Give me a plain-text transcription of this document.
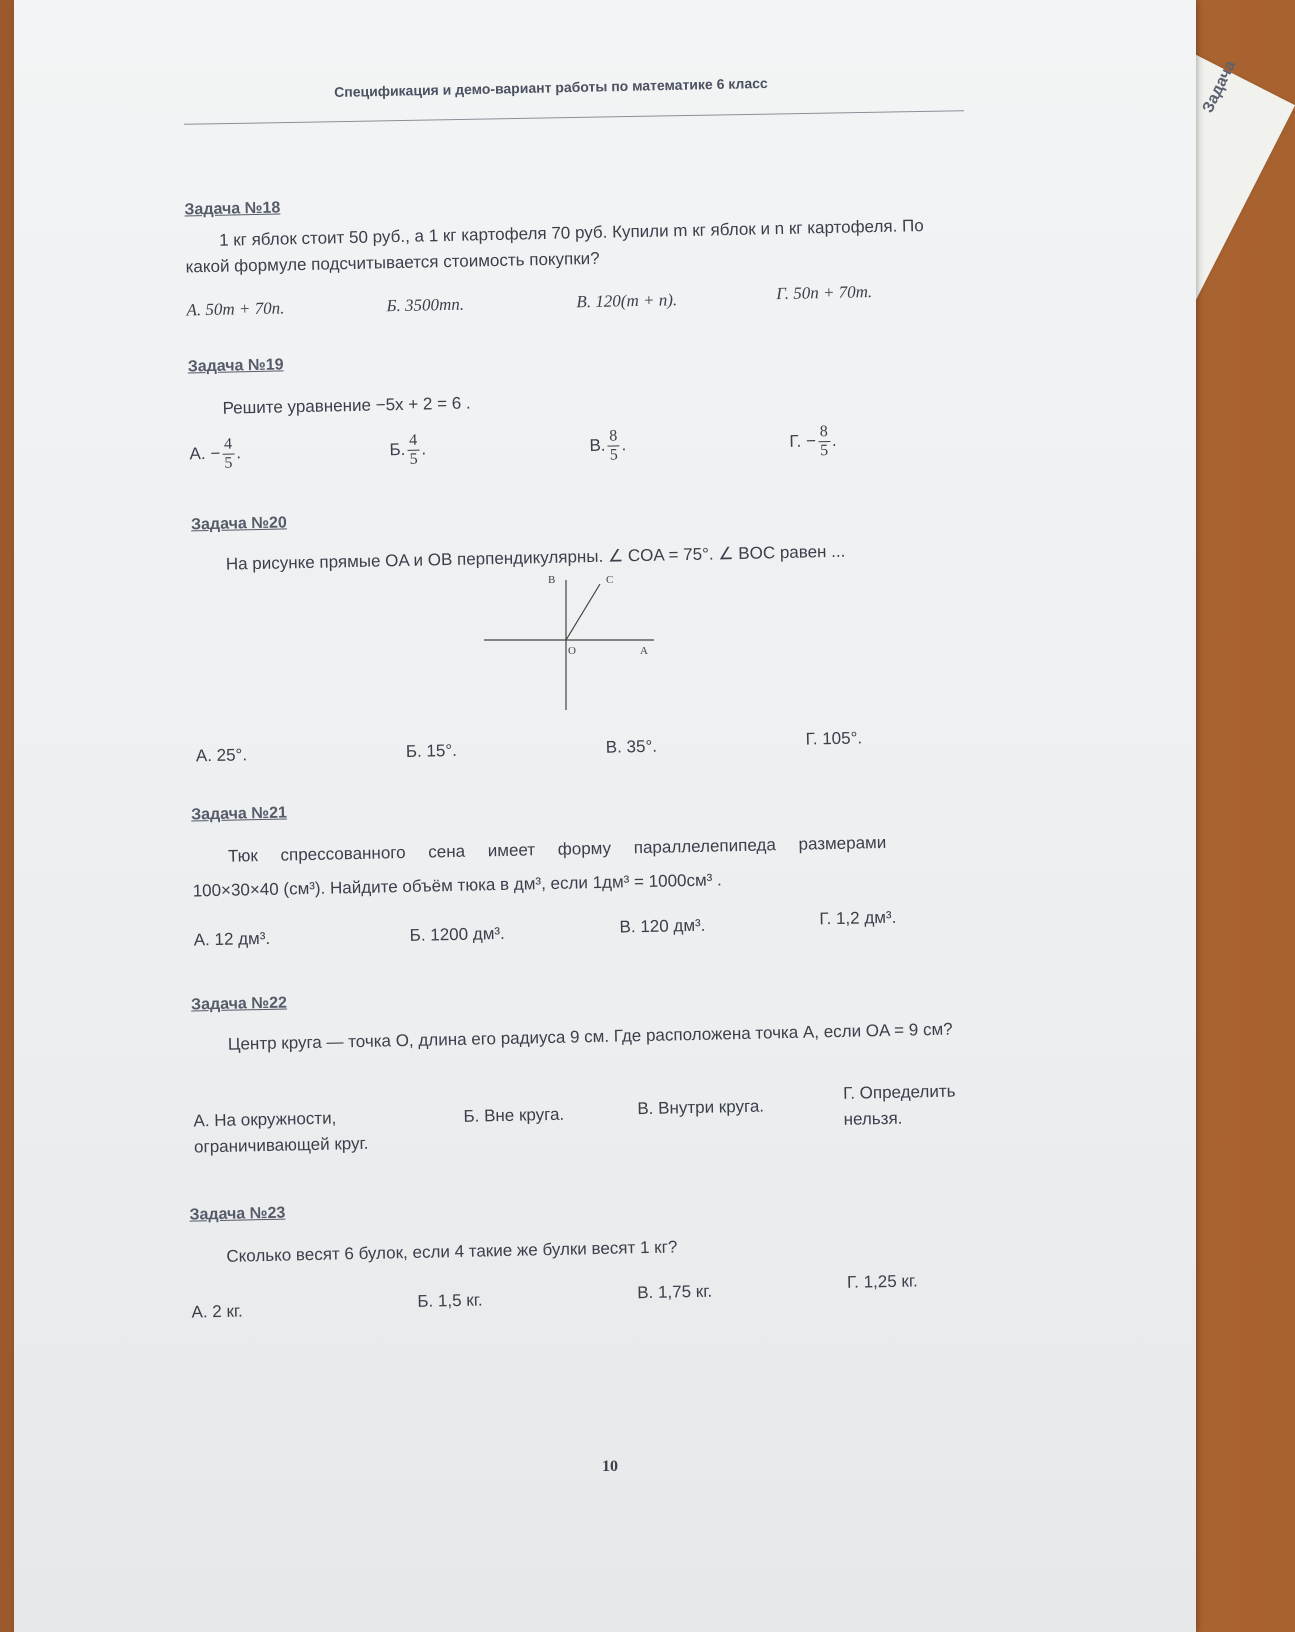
Задача
Спецификация и демо-вариант работы по математике 6 класс
Задача №18
1 кг яблок стоит 50 руб., а 1 кг картофеля 70 руб. Купили m кг яблок и n кг картофеля. По какой формуле подсчитывается стоимость покупки?
А. 50m + 70n.	Б. 3500mn.	В. 120(m + n).	Г. 50n + 70m.
Задача №19
Решите уравнение −5x + 2 = 6 .
А. − $\frac{4}{5}$ .	Б. $\frac{4}{5}$ .	В. $\frac{8}{5}$ .	Г. − $\frac{8}{5}$ .
Задача №20
На рисунке прямые OA и OB перпендикулярны. ∠ COA = 75°. ∠ BOC равен ...
B	C
O	A
А. 25°.	Б. 15°.	В. 35°.	Г. 105°.
Задача №21
Тюк спрессованного сена имеет форму параллелепипеда размерами
100×30×40 (см³). Найдите объём тюка в дм³, если 1дм³ = 1000см³ .
А. 12 дм³.	Б. 1200 дм³.	В. 120 дм³.	Г. 1,2 дм³.
Задача №22
Центр круга — точка O, длина его радиуса 9 см. Где расположена точка A, если OA = 9 см?
А. На окружности, ограничивающей круг.
Б. Вне круга.	В. Внутри круга.
Г. Определить нельзя.
Задача №23
Сколько весят 6 булок, если 4 такие же булки весят 1 кг?
А. 2 кг.
Б. 1,5 кг.	В. 1,75 кг.
Г. 1,25 кг.
10
